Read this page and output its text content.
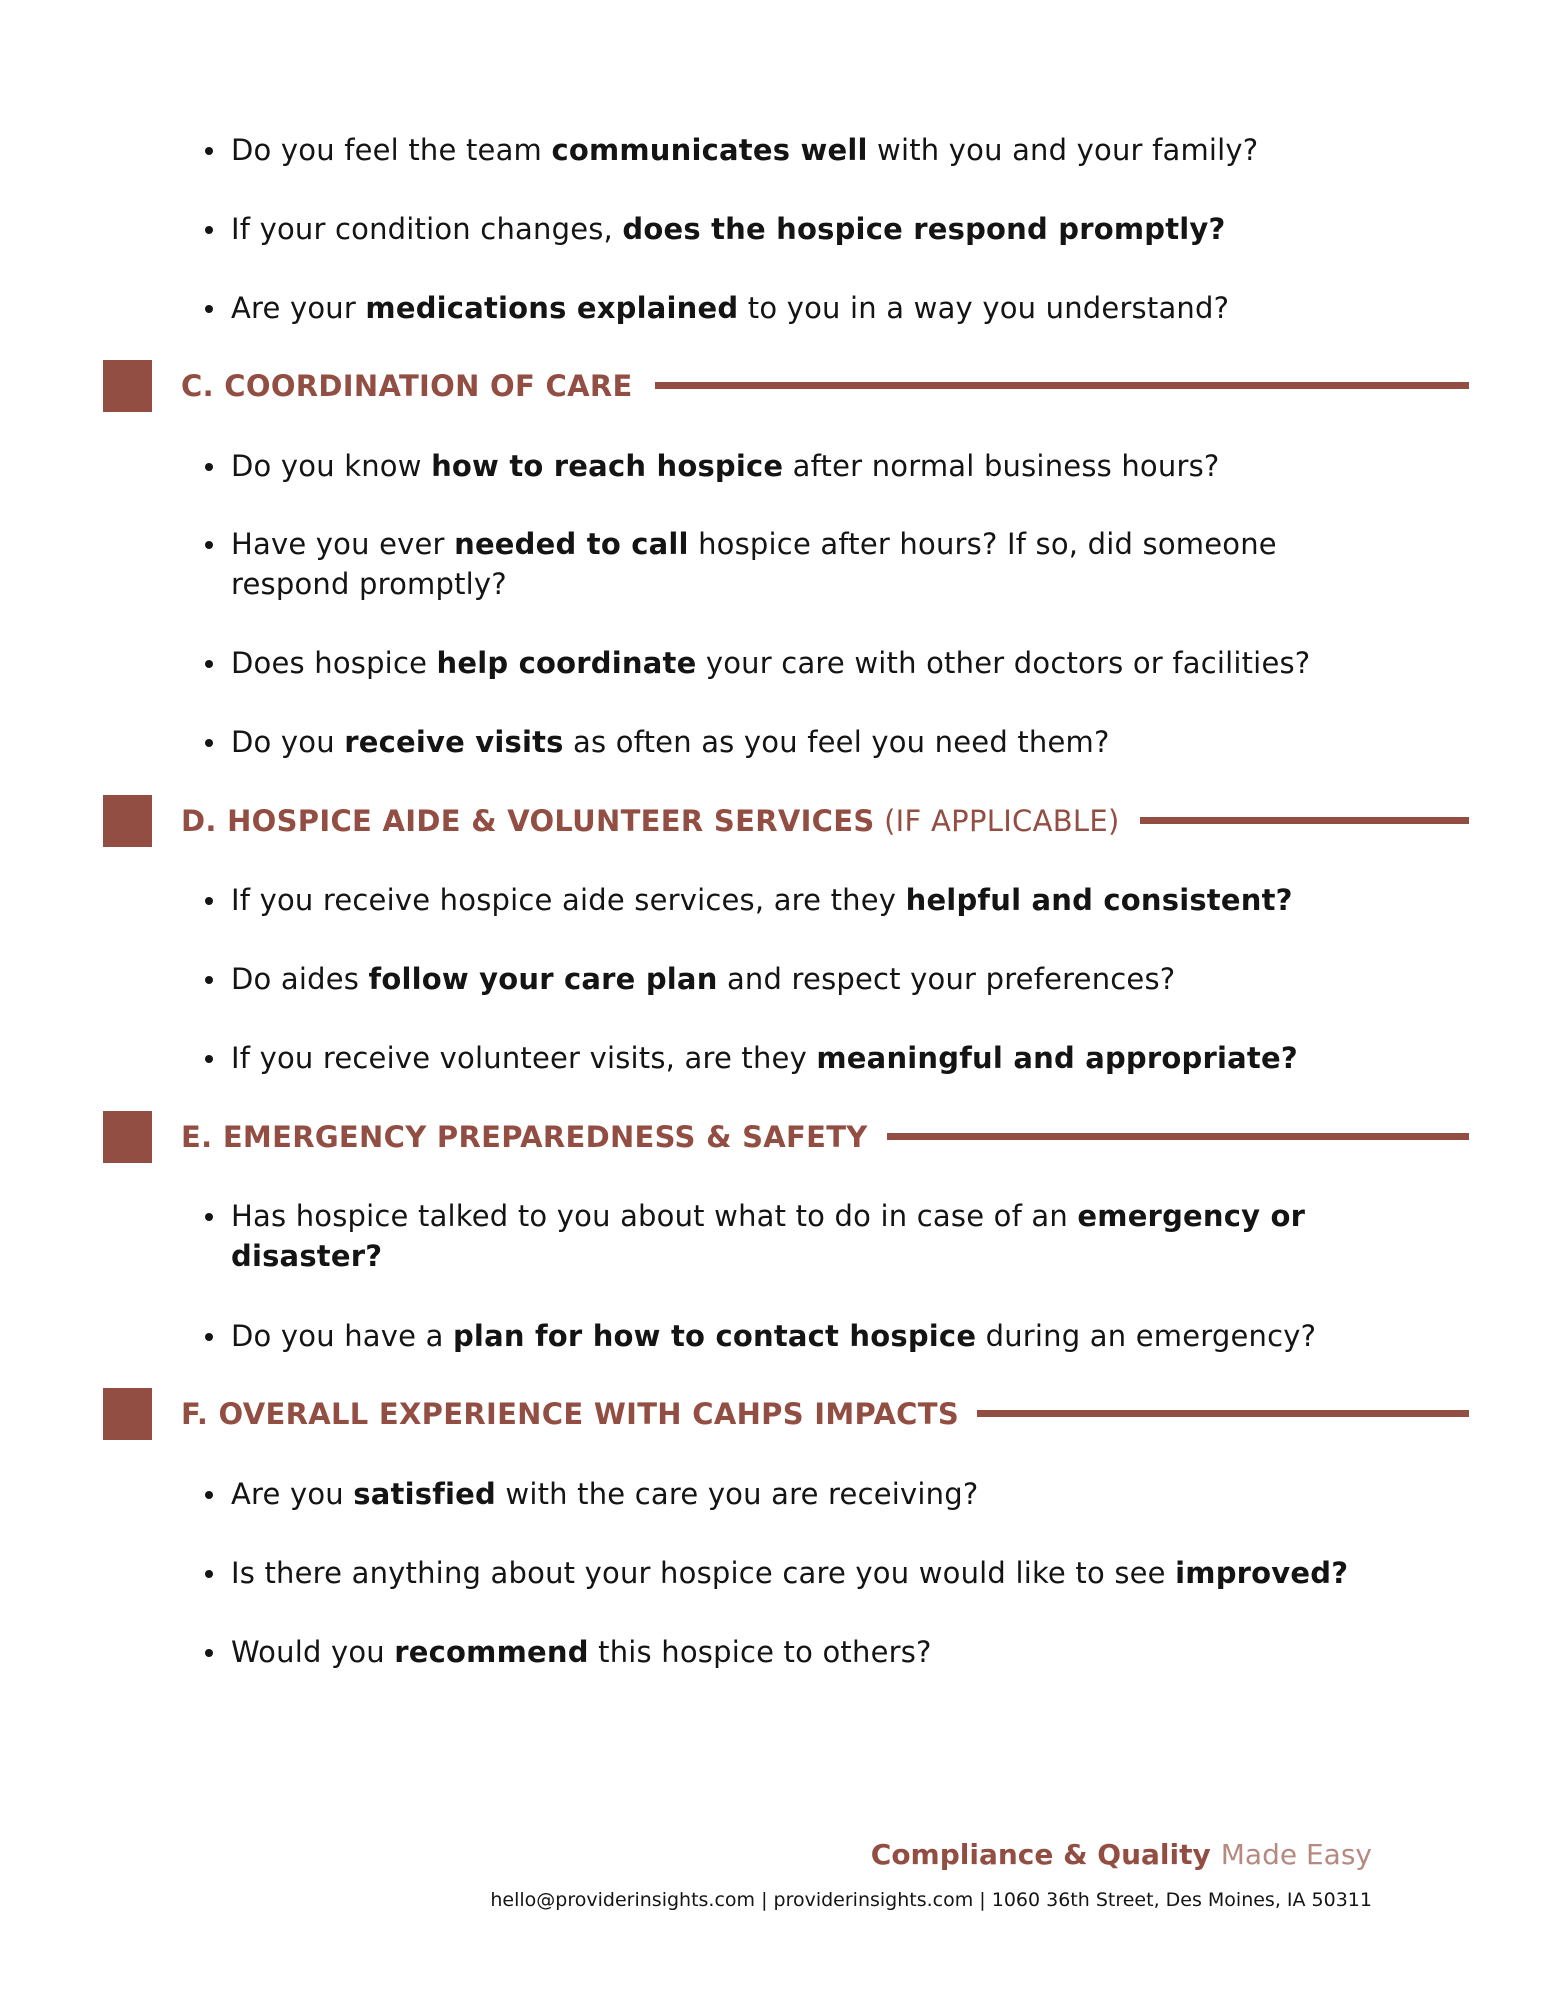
Do you feel the team communicates well with you and your family?
If your condition changes, does the hospice respond promptly?
Are your medications explained to you in a way you understand?
C. COORDINATION OF CARE
Do you know how to reach hospice after normal business hours?
Have you ever needed to call hospice after hours? If so, did someone respond promptly?
Does hospice help coordinate your care with other doctors or facilities?
Do you receive visits as often as you feel you need them?
D. HOSPICE AIDE & VOLUNTEER SERVICES (IF APPLICABLE)
If you receive hospice aide services, are they helpful and consistent?
Do aides follow your care plan and respect your preferences?
If you receive volunteer visits, are they meaningful and appropriate?
E. EMERGENCY PREPAREDNESS & SAFETY
Has hospice talked to you about what to do in case of an emergency or disaster?
Do you have a plan for how to contact hospice during an emergency?
F. OVERALL EXPERIENCE WITH CAHPS IMPACTS
Are you satisfied with the care you are receiving?
Is there anything about your hospice care you would like to see improved?
Would you recommend this hospice to others?
Compliance & Quality Made Easy
hello@providerinsights.com | providerinsights.com | 1060 36th Street, Des Moines, IA 50311
